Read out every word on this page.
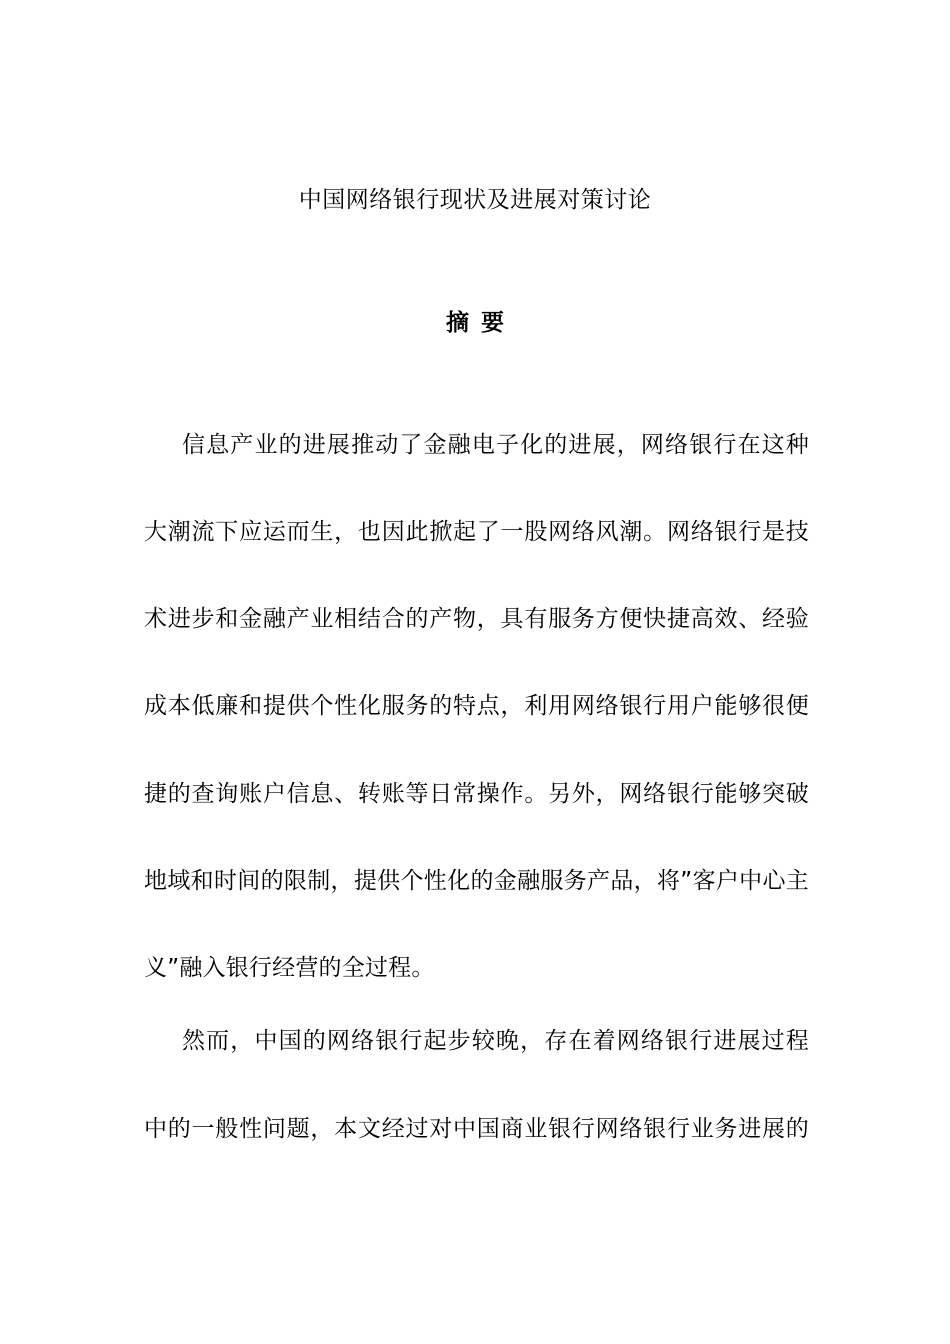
中国网络银行现状及进展对策讨论
摘 要
信息产业的进展推动了金融电子化的进展，网络银行在这种
大潮流下应运而生，也因此掀起了一股网络风潮。网络银行是技
术进步和金融产业相结合的产物，具有服务方便快捷高效、经验
成本低廉和提供个性化服务的特点，利用网络银行用户能够很便
捷的查询账户信息、转账等日常操作。另外，网络银行能够突破
地域和时间的限制，提供个性化的金融服务产品，将”客户中心主
义”融入银行经营的全过程。
然而，中国的网络银行起步较晚，存在着网络银行进展过程
中的一般性问题，本文经过对中国商业银行网络银行业务进展的
